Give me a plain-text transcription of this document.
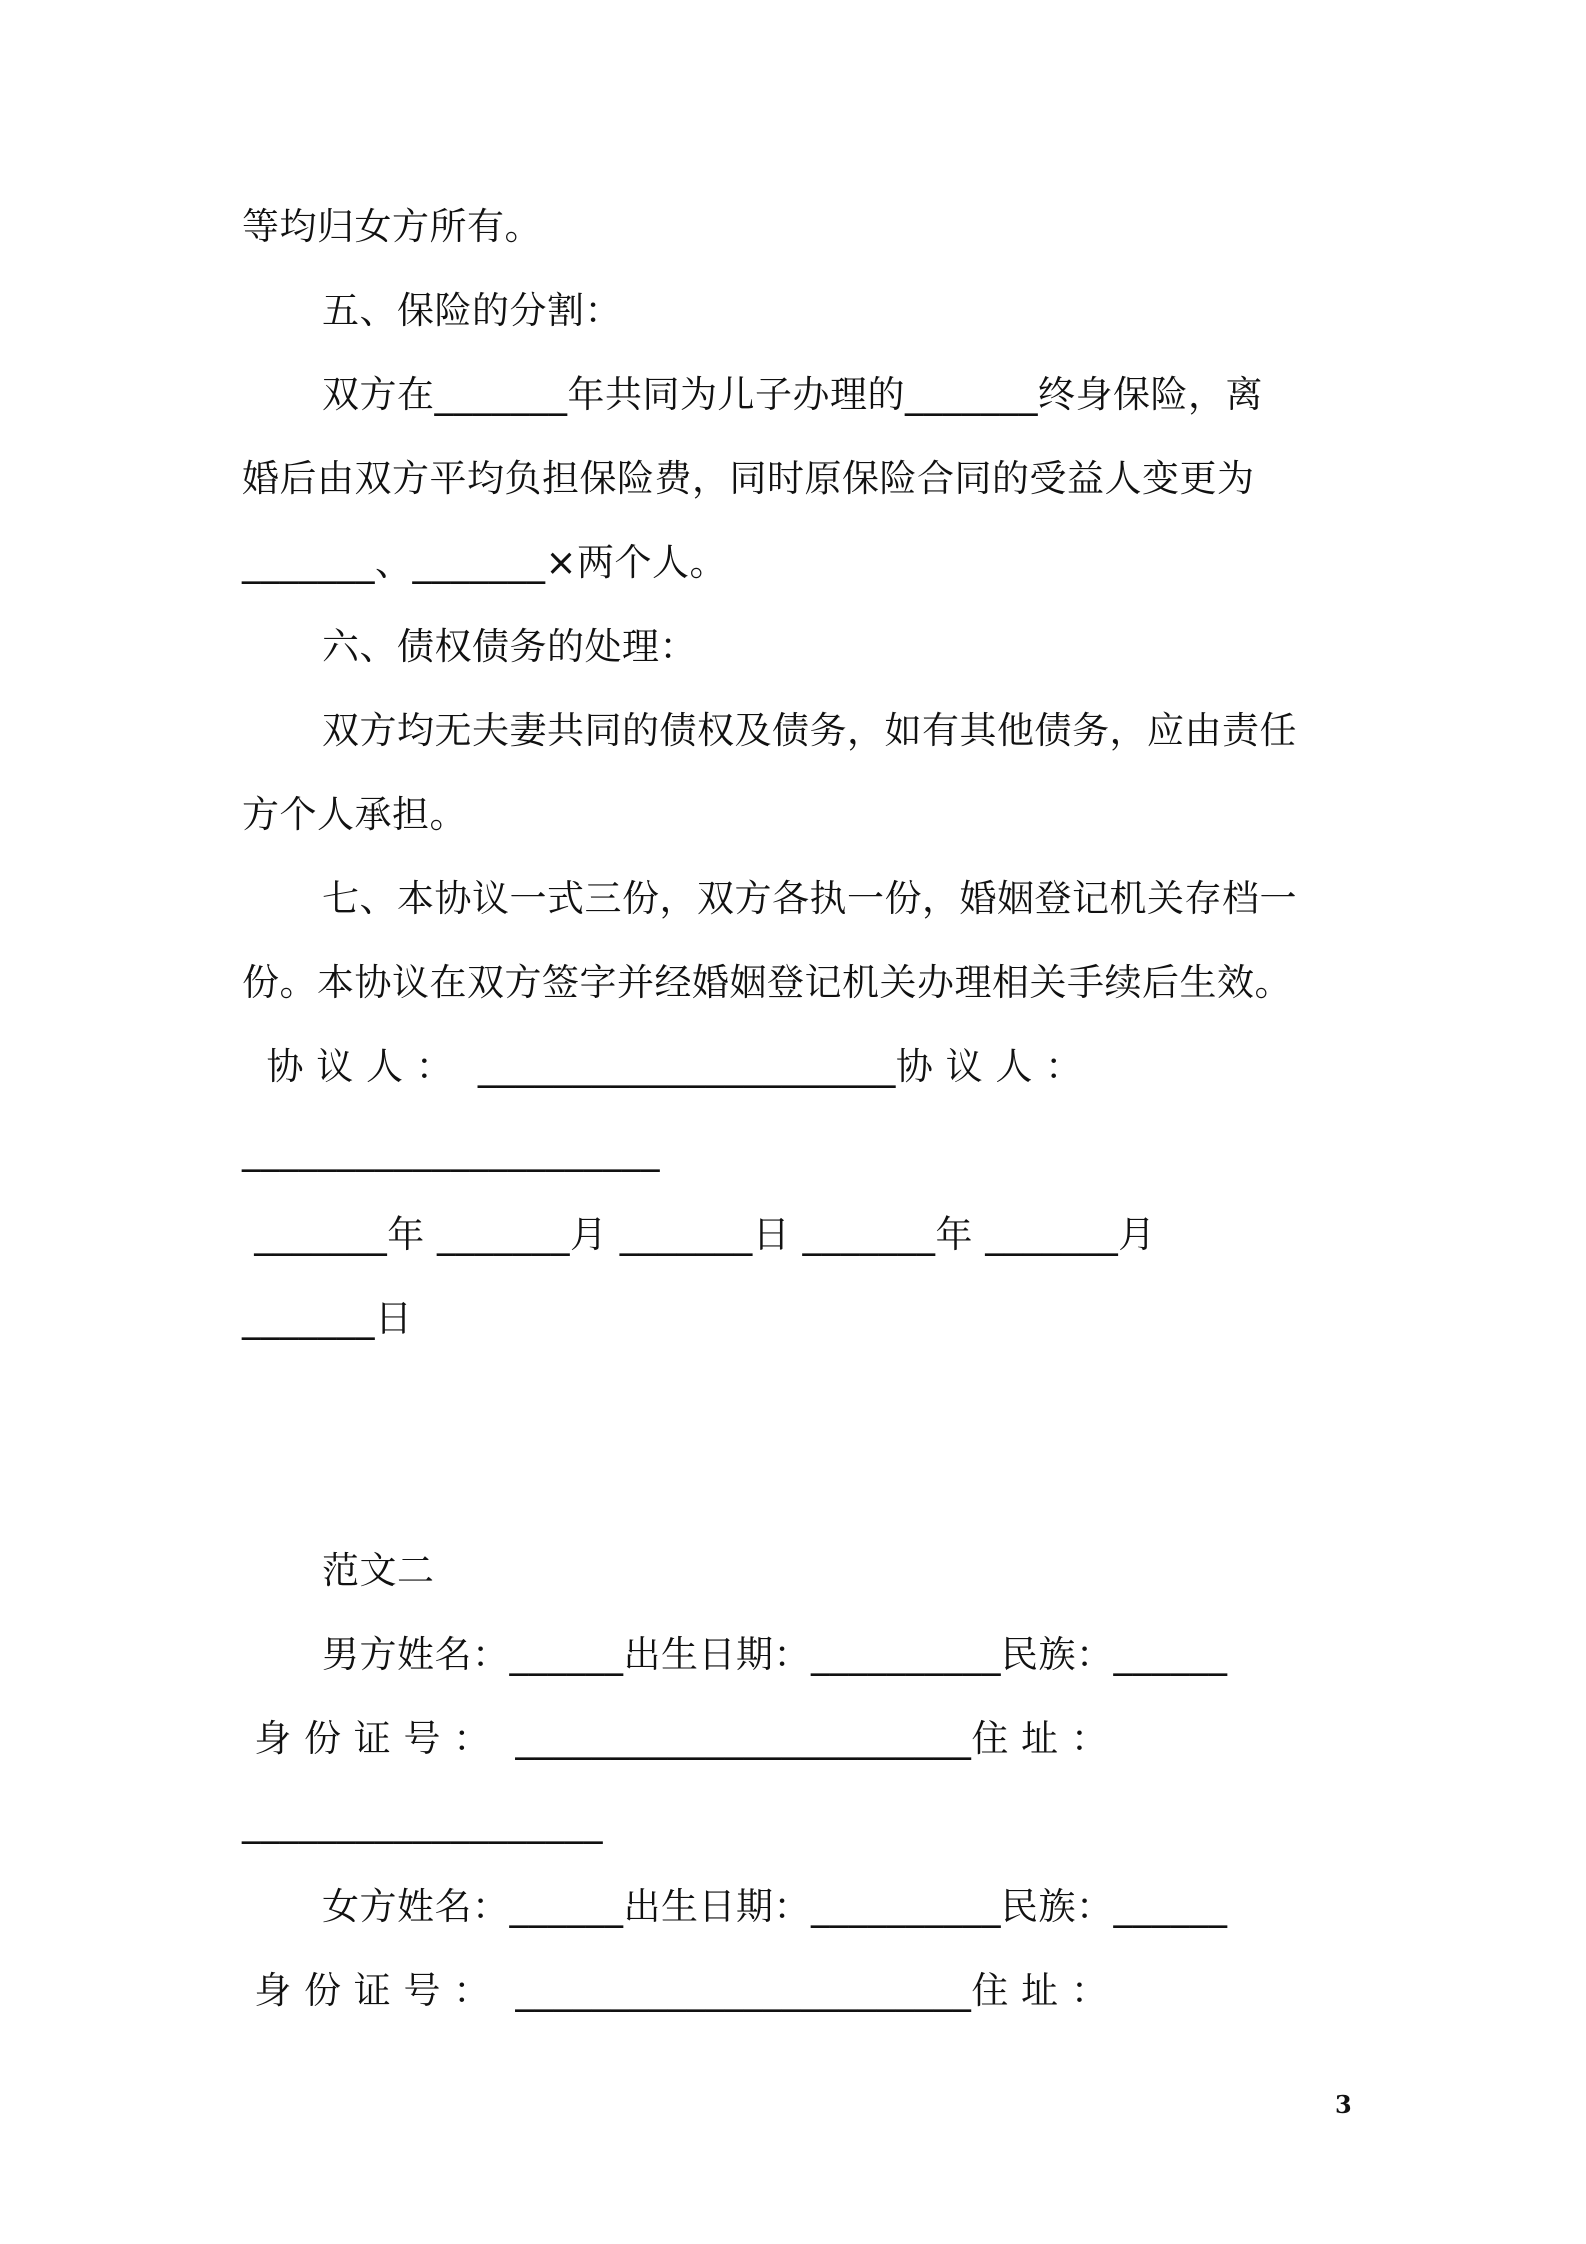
等均归女方所有。
五、保险的分割：
双方在_______年共同为儿子办理的_______终身保险，离
婚后由双方平均负担保险费，同时原保险合同的受益人变更为
_______、_______×两个人。
六、债权债务的处理：
双方均无夫妻共同的债权及债务，如有其他债务，应由责任
方个人承担。
七、本协议一式三份，双方各执一份，婚姻登记机关存档一
份。本协议在双方签字并经婚姻登记机关办理相关手续后生效。
协 议 人 ：  ______________________协 议 人 ：
______________________
_______年 _______月 _______日 _______年 _______月
_______日
范文二
男方姓名：______出生日期：__________民族：______
身 份 证 号 ：  ________________________住 址 ：
___________________
女方姓名：______出生日期：__________民族：______
身 份 证 号 ：  ________________________住 址 ：
3
